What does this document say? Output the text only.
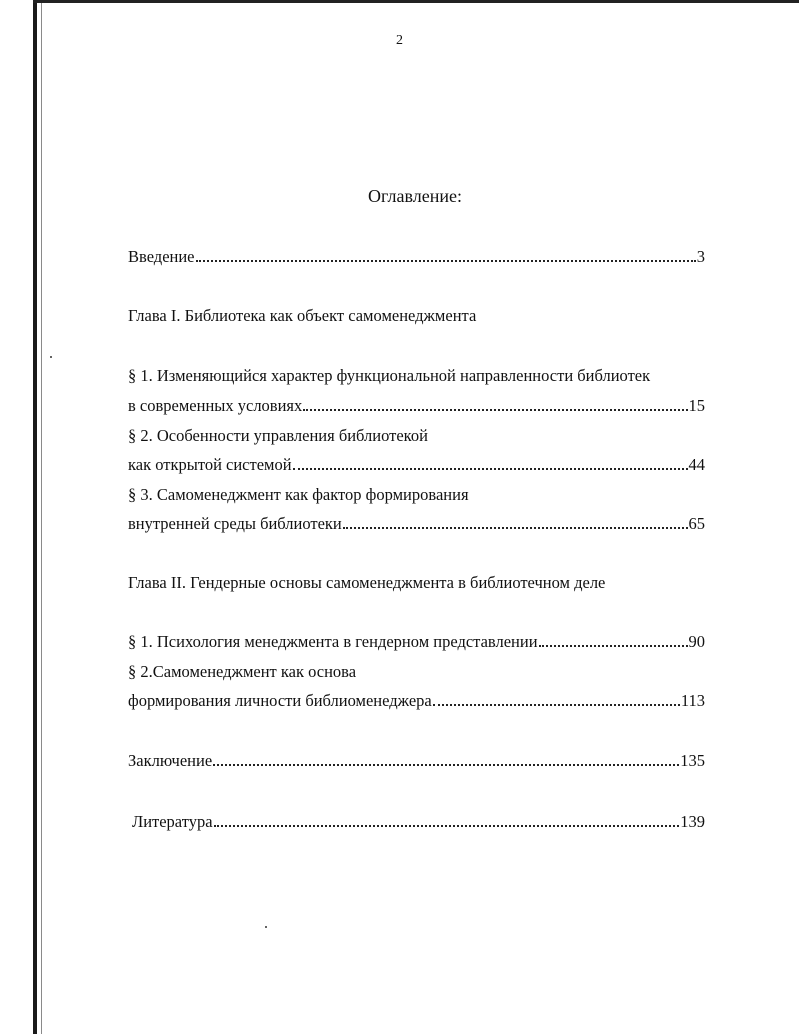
2
Оглавление:
Введение	3
Глава I. Библиотека как объект самоменеджмента
§ 1. Изменяющийся характер функциональной направленности библиотек
в современных условиях	15
§ 2. Особенности управления библиотекой
как открытой системой	44
§ 3. Самоменеджмент как фактор формирования
внутренней среды библиотеки	65
Глава II. Гендерные основы самоменеджмента в библиотечном деле
§ 1. Психология менеджмента в гендерном представлении	90
§ 2.Самоменеджмент как основа
формирования личности библиоменеджера	113
Заключение	135
Литература	139
